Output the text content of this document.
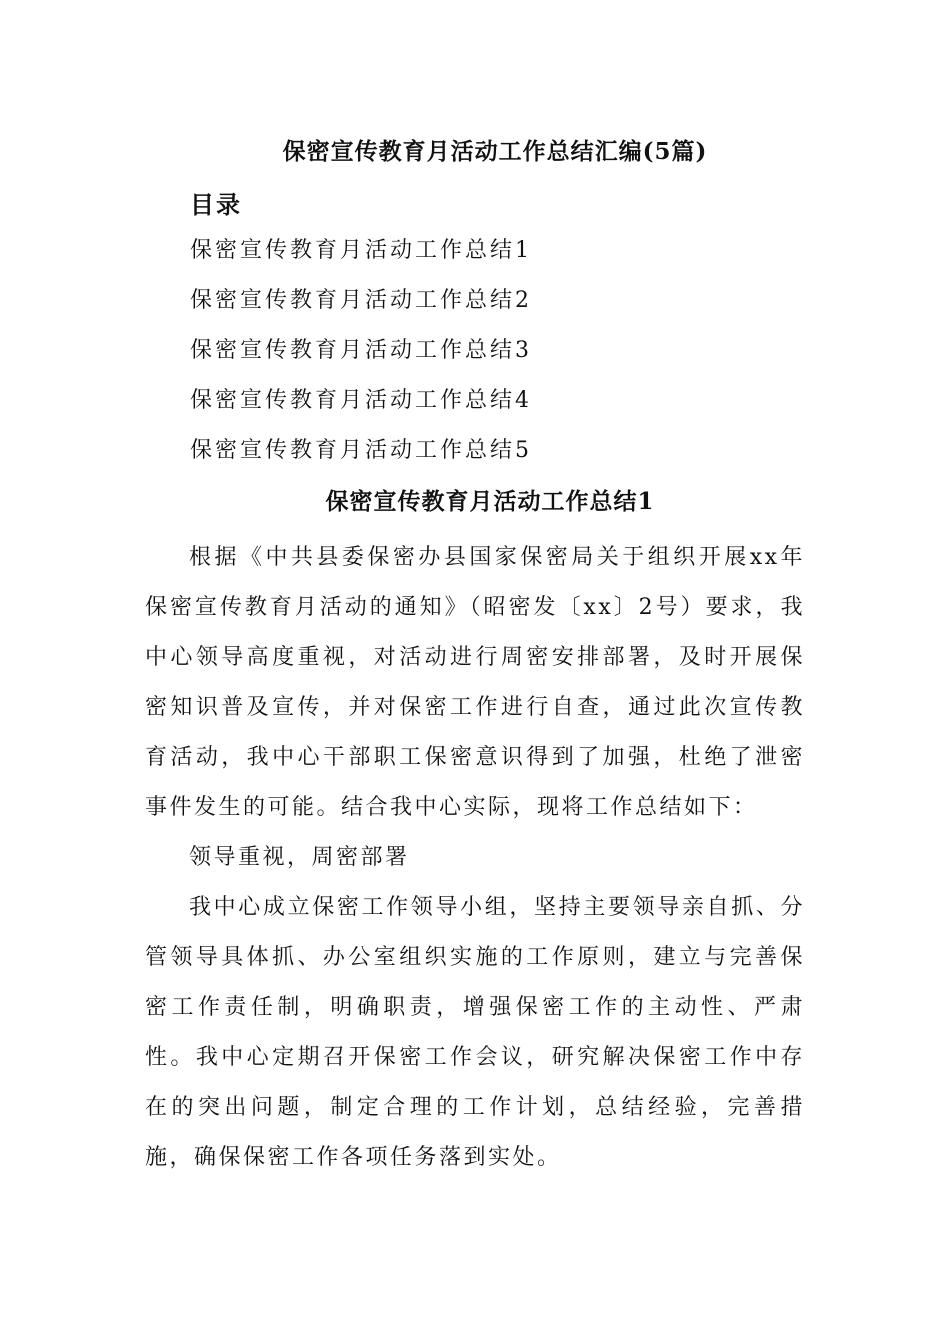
保密宣传教育月活动工作总结汇编(5篇)
目录
保密宣传教育月活动工作总结1
保密宣传教育月活动工作总结2
保密宣传教育月活动工作总结3
保密宣传教育月活动工作总结4
保密宣传教育月活动工作总结5
保密宣传教育月活动工作总结1

根据《中共县委保密办县国家保密局关于组织开展xx年保密宣传教育月活动的通知》（昭密发〔xx〕2号）要求，我中心领导高度重视，对活动进行周密安排部署，及时开展保密知识普及宣传，并对保密工作进行自查，通过此次宣传教育活动，我中心干部职工保密意识得到了加强，杜绝了泄密事件发生的可能。结合我中心实际，现将工作总结如下：

领导重视，周密部署

我中心成立保密工作领导小组，坚持主要领导亲自抓、分管领导具体抓、办公室组织实施的工作原则，建立与完善保密工作责任制，明确职责，增强保密工作的主动性、严肃性。我中心定期召开保密工作会议，研究解决保密工作中存在的突出问题，制定合理的工作计划，总结经验，完善措施，确保保密工作各项任务落到实处。
